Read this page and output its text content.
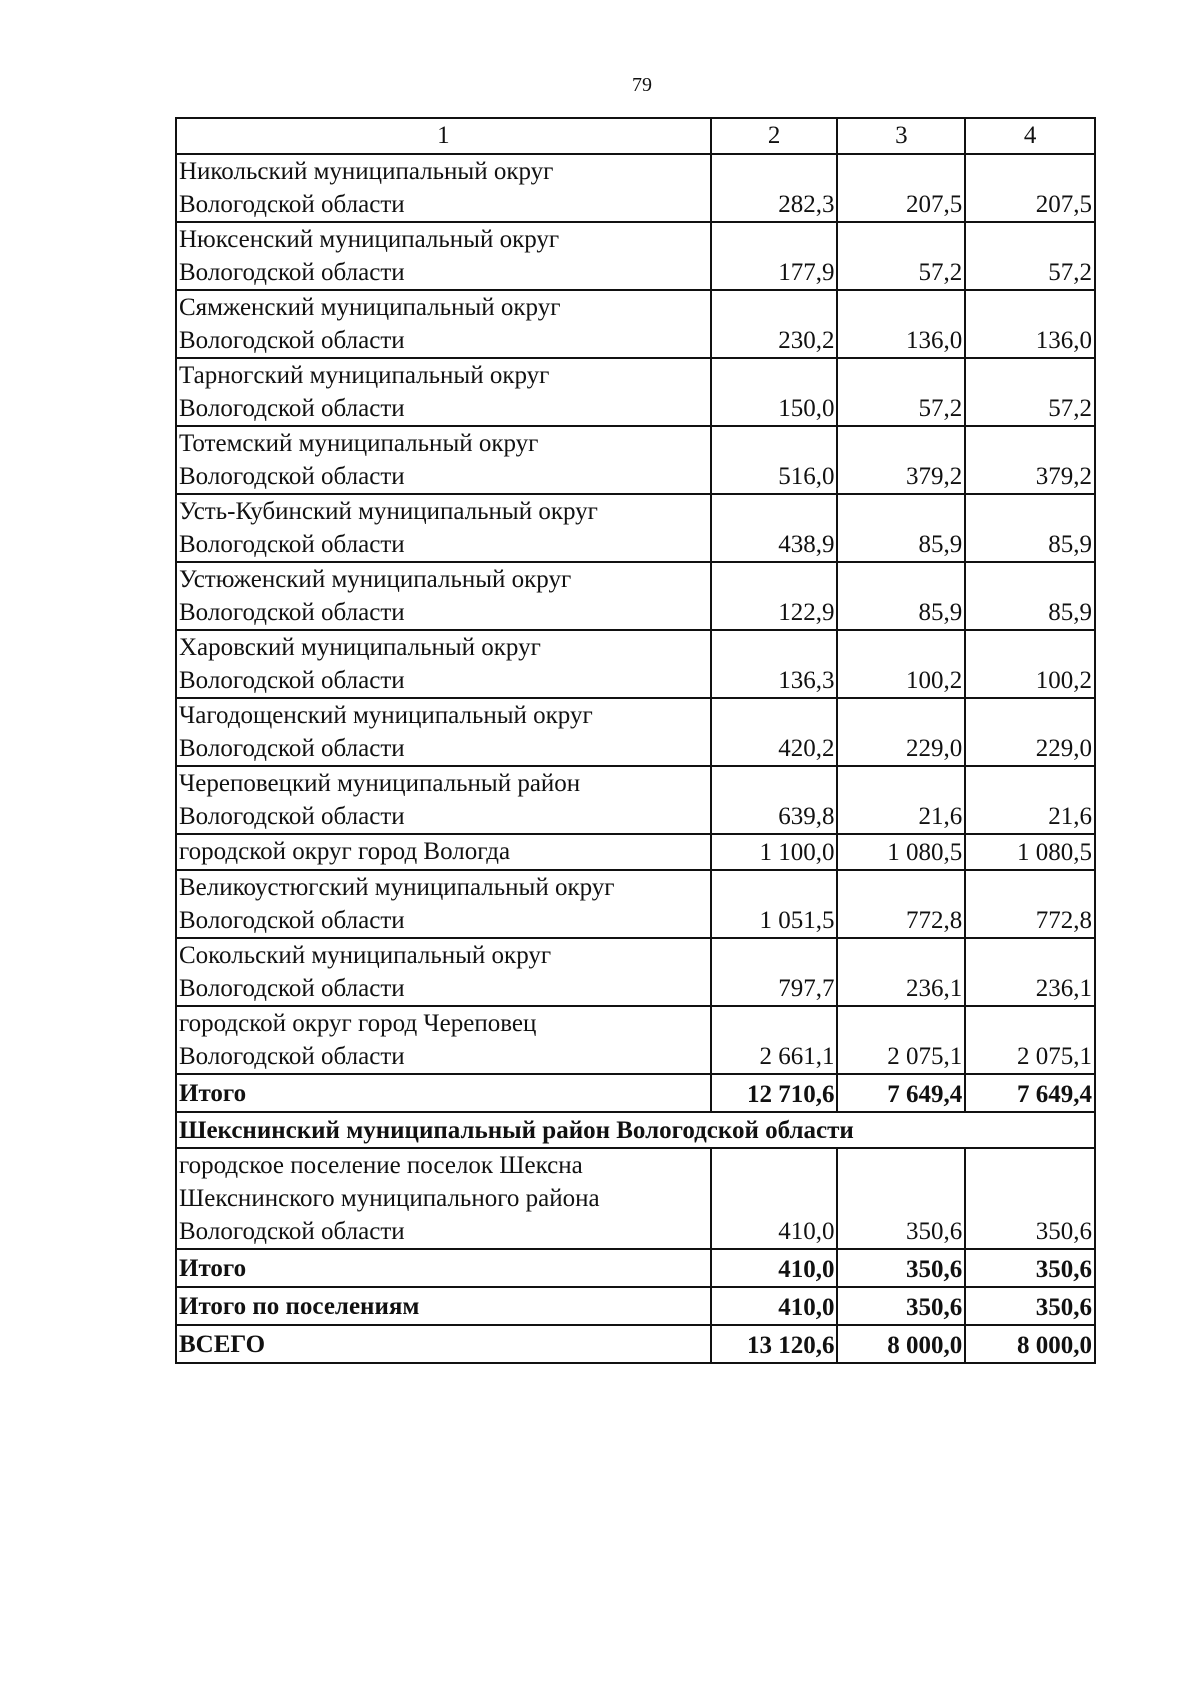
79
1	2	3	4

Никольский муниципальный округ
Вологодской области	282,3	207,5	207,5

Нюксенский муниципальный округ
Вологодской области	177,9	57,2	57,2

Сямженский муниципальный округ
Вологодской области	230,2	136,0	136,0

Тарногский муниципальный округ
Вологодской области	150,0	57,2	57,2

Тотемский муниципальный округ
Вологодской области	516,0	379,2	379,2

Усть-Кубинский муниципальный округ
Вологодской области	438,9	85,9	85,9

Устюженский муниципальный округ
Вологодской области	122,9	85,9	85,9

Харовский муниципальный округ
Вологодской области	136,3	100,2	100,2

Чагодощенский муниципальный округ
Вологодской области	420,2	229,0	229,0

Череповецкий муниципальный район
Вологодской области	639,8	21,6	21,6

городской округ город Вологда	1 100,0	1 080,5	1 080,5

Великоустюгский муниципальный округ
Вологодской области	1 051,5	772,8	772,8

Сокольский муниципальный округ
Вологодской области	797,7	236,1	236,1

городской округ город Череповец
Вологодской области	2 661,1	2 075,1	2 075,1

Итого	12 710,6	7 649,4	7 649,4
Шекснинский муниципальный район Вологодской области			

городское поселение поселок Шексна
Шекснинского муниципального района
Вологодской области	410,0	350,6	350,6

Итого	410,0	350,6	350,6

Итого по поселениям	410,0	350,6	350,6

ВСЕГО	13 120,6	8 000,0	8 000,0
